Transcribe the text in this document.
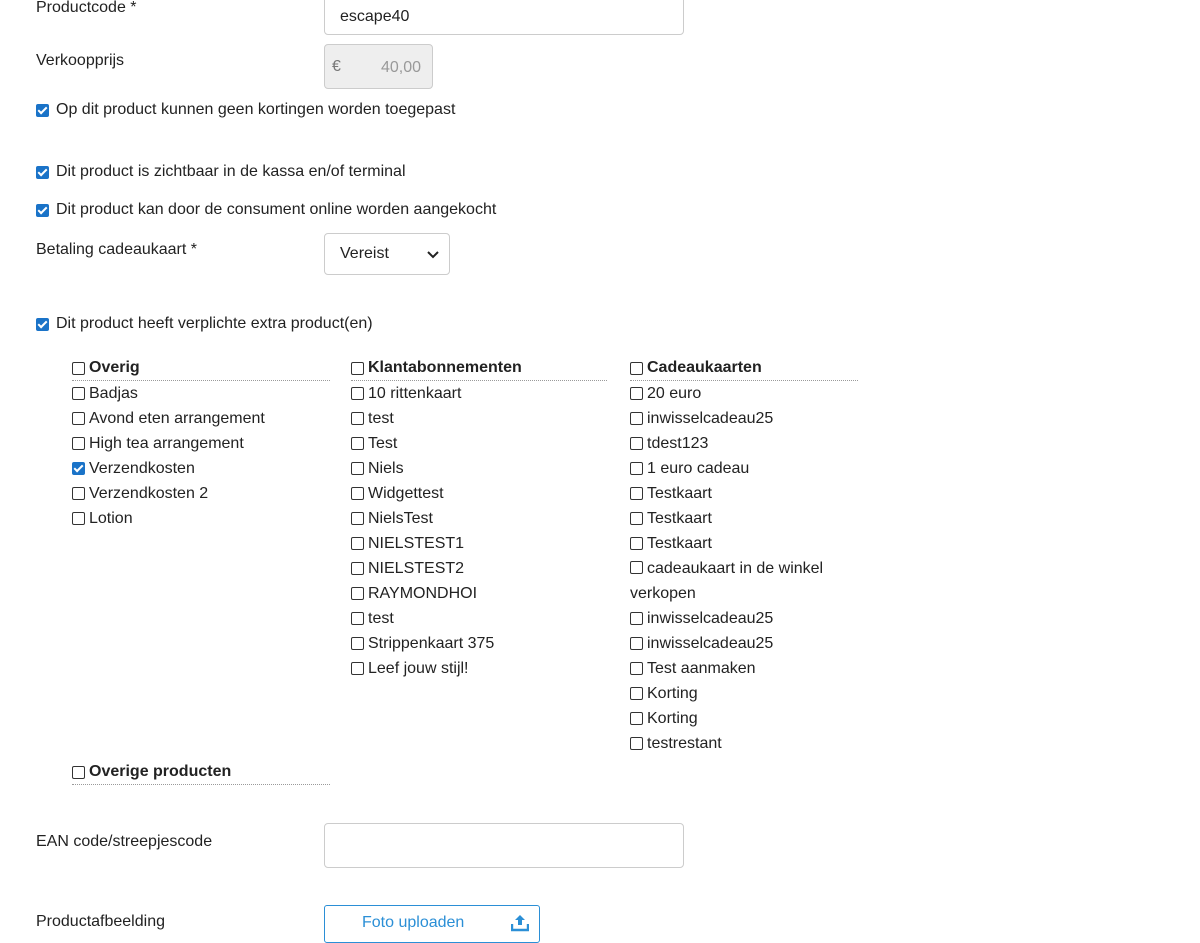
Productcode *
escape40
Verkoopprijs	€	40,00
Op dit product kunnen geen kortingen worden toegepast
Dit product is zichtbaar in de kassa en/of terminal
Dit product kan door de consument online worden aangekocht
Betaling cadeaukaart *	Vereist
Dit product heeft verplichte extra product(en)
Overig
Badjas
Avond eten arrangement
High tea arrangement
Verzendkosten
Verzendkosten 2
Lotion
Klantabonnementen
10 rittenkaart
test
Test
Niels
Widgettest
NielsTest
NIELSTEST1
NIELSTEST2
RAYMONDHOI
test
Strippenkaart 375
Leef jouw stijl!
Cadeaukaarten
20 euro
inwisselcadeau25
tdest123
1 euro cadeau
Testkaart
Testkaart
Testkaart
cadeaukaart in de winkel verkopen
inwisselcadeau25
inwisselcadeau25
Test aanmaken
Korting
Korting
testrestant
Overige producten
EAN code/streepjescode
Productafbeelding	Foto uploaden
